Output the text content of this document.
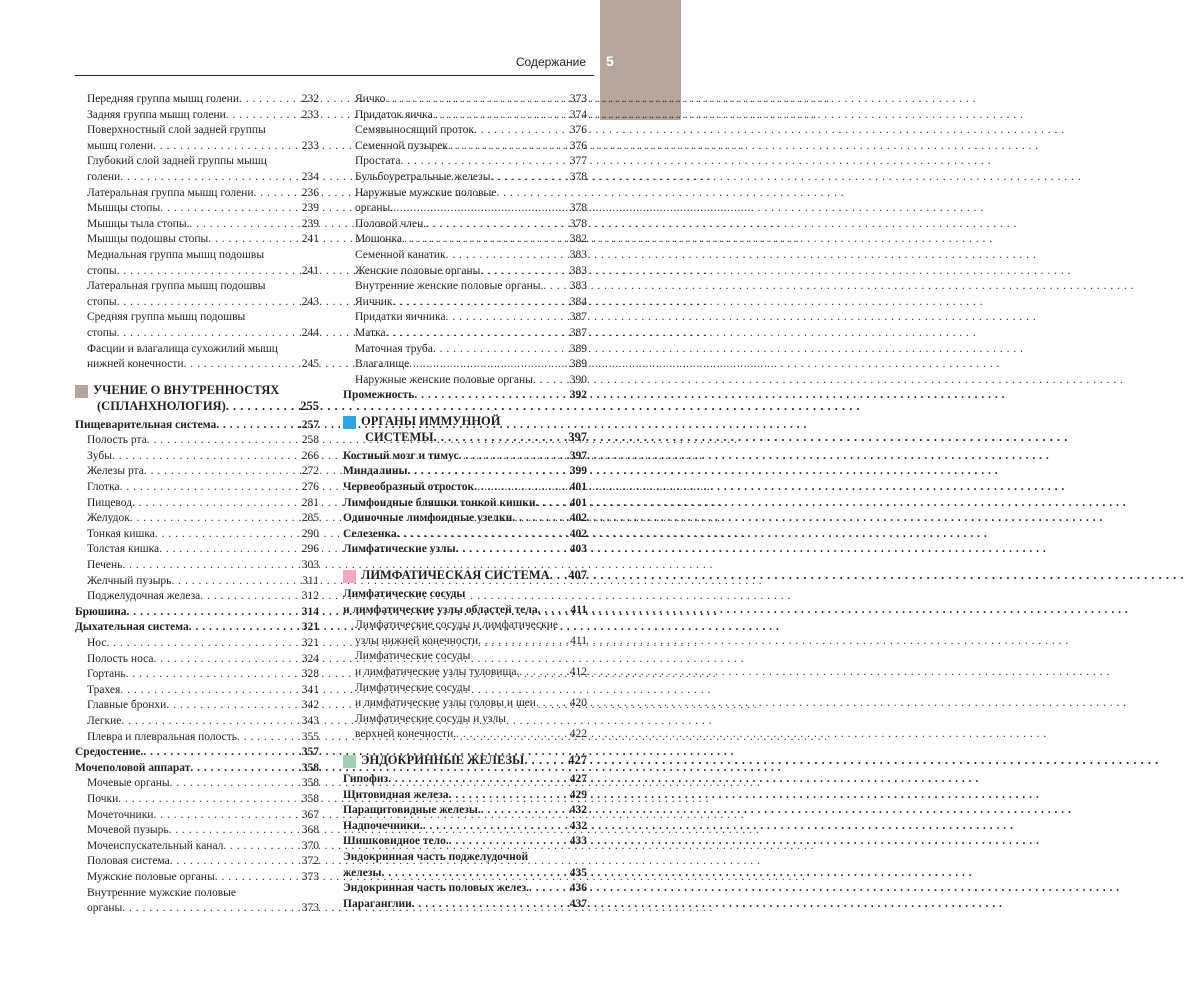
5
Содержание
Передняя группа мышц голени . . .	232
Задняя группа мышц голени . . .	233
Поверхностный слой задней группы
мышц голени . . .	233
Глубокий слой задней группы мышц
голени . . .	234
Латеральная группа мышц голени . . .	236
Мышцы стопы . . .	239
Мышцы тыла стопы. . . .	239
Мышцы подошвы стопы . . .	241
Медиальная группа мышц подошвы
стопы . . .	241
Латеральная группа мышц подошвы
стопы . . .	243
Средняя группа мышц подошвы
стопы . . .	244
Фасции и влагалища сухожилий мышц
нижней конечности . . .	245
УЧЕНИЕ О ВНУТРЕННОСТЯХ
(СПЛАНХНОЛОГИЯ) . . .	255
Пищеварительная система . . .	.257
Полость рта . . .	258
Зубы . . .	266
Железы рта . . .	272
Глотка . . .	276
Пищевод . . .	281
Желудок . . .	285
Тонкая кишка . . .	290
Толстая кишка . . .	296
Печень . . .	303
Желчный пузырь . . .	311
Поджелудочная железа . . .	312
Брюшина . . .	314
Дыхательная система . . .	321
Нос . . .	321
Полость носа . . .	324
Гортань . . .	328
Трахея . . .	341
Главные бронхи . . .	342
Легкие . . .	343
Плевра и плевральная полость . . .	355
Средостение. . . .	357
Мочеполовой аппарат . . .	358
Мочевые органы . . .	358
Почки . . .	358
Мочеточники . . .	367
Мочевой пузырь . . .	368
Мочеиспускательный канал . . .	370
Половая система . . .	372
Мужские половые органы . . .	373
Внутренние мужские половые
органы . . .	373
Яичко . . .	373
Придаток яичка . . .	374
Семявыносящий проток . . .	376
Семенной пузырек . . .	376
Простата . . .	377
Бульбоуретральные железы . . .	378
Наружные мужские половые
органы. . . .	378
Половой член. . . .	378
Мошонка . . .	382
Семенной канатик . . .	383
Женские половые органы . . .	383
Внутренние женские половые органы. . . . 383
Яичник . . .	384
Придатки яичника . . .	387
Матка . . .	387
Маточная труба . . .	389
Влагалище . . .	389
Наружные женские половые органы . . .	390
Промежность . . .	392
ОРГАНЫ ИММУННОЙ
СИСТЕМЫ . . .	397
Костный мозг и тимус . . .	397
Миндалины . . .	399
Червеобразный отросток . . .	401
Лимфоидные бляшки тонкой кишки . . .	401
Одиночные лимфоидные узелки . . .	402
Селезенка . . .	402
Лимфатические узлы . . .	403
ЛИМФАТИЧЕСКАЯ СИСТЕМА . . . 407
Лимфатические сосуды
и лимфатические узлы областей тела . . .	411
Лимфатические сосуды и лимфатические
узлы нижней конечности . . .	411
Лимфатические сосуды
и лимфатические узлы туловища. . . .	412
Лимфатические сосуды
и лимфатические узлы головы и шеи . . .	420
Лимфатические сосуды и узлы
верхней конечности. . . .	422
ЭНДОКРИННЫЕ ЖЕЛЕЗЫ . . .	427
Гипофиз . . .	427
Щитовидная железа . . .	429
Паращитовидные железы. . . .	432
Надпочечники. . . .	432
Шишковидное тело. . . .	433
Эндокринная часть поджелудочной
железы . . .	435
Эндокринная часть половых желез. . . .	436
Параганглии . . .	437
